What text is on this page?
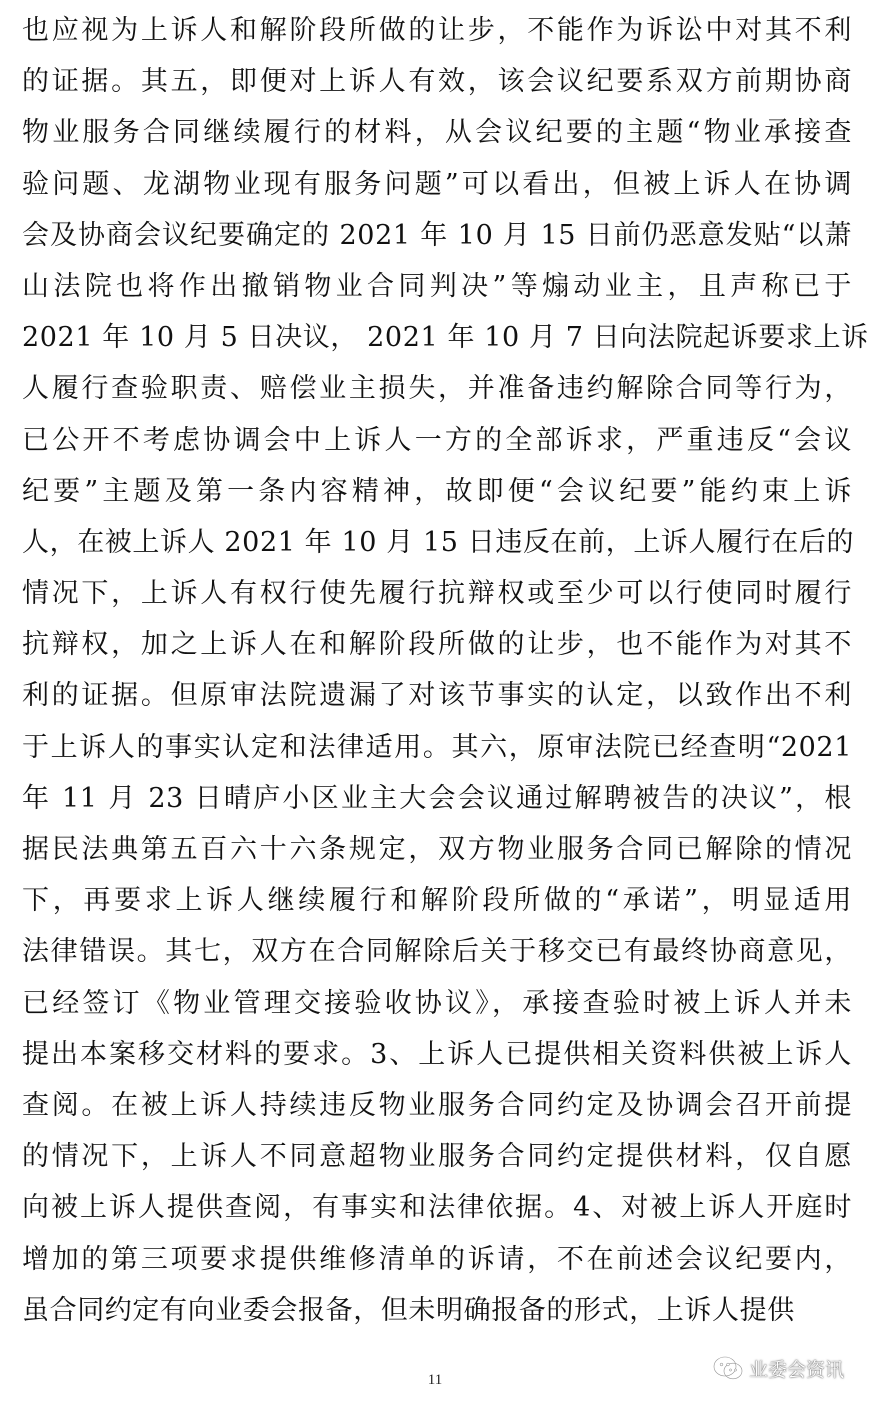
也应视为上诉人和解阶段所做的让步，不能作为诉讼中对其不利
的证据。其五，即便对上诉人有效，该会议纪要系双方前期协商
物业服务合同继续履行的材料，从会议纪要的主题“物业承接查
验问题、龙湖物业现有服务问题”可以看出，但被上诉人在协调
会及协商会议纪要确定的 2021 年 10 月 15 日前仍恶意发贴“以萧
山法院也将作出撤销物业合同判决”等煽动业主，且声称已于
2021 年 10 月 5 日决议， 2021 年 10 月 7 日向法院起诉要求上诉
人履行查验职责、赔偿业主损失，并准备违约解除合同等行为，
已公开不考虑协调会中上诉人一方的全部诉求，严重违反“会议
纪要”主题及第一条内容精神，故即便“会议纪要”能约束上诉
人，在被上诉人 2021 年 10 月 15 日违反在前，上诉人履行在后的
情况下，上诉人有权行使先履行抗辩权或至少可以行使同时履行
抗辩权，加之上诉人在和解阶段所做的让步，也不能作为对其不
利的证据。但原审法院遗漏了对该节事实的认定，以致作出不利
于上诉人的事实认定和法律适用。其六，原审法院已经查明“2021
年 11 月 23 日晴庐小区业主大会会议通过解聘被告的决议”，根
据民法典第五百六十六条规定，双方物业服务合同已解除的情况
下，再要求上诉人继续履行和解阶段所做的“承诺”，明显适用
法律错误。其七，双方在合同解除后关于移交已有最终协商意见，
已经签订《物业管理交接验收协议》，承接查验时被上诉人并未
提出本案移交材料的要求。3、上诉人已提供相关资料供被上诉人
查阅。在被上诉人持续违反物业服务合同约定及协调会召开前提
的情况下，上诉人不同意超物业服务合同约定提供材料，仅自愿
向被上诉人提供查阅，有事实和法律依据。4、对被上诉人开庭时
增加的第三项要求提供维修清单的诉请，不在前述会议纪要内，
虽合同约定有向业委会报备，但未明确报备的形式，上诉人提供
11	业委会资讯
